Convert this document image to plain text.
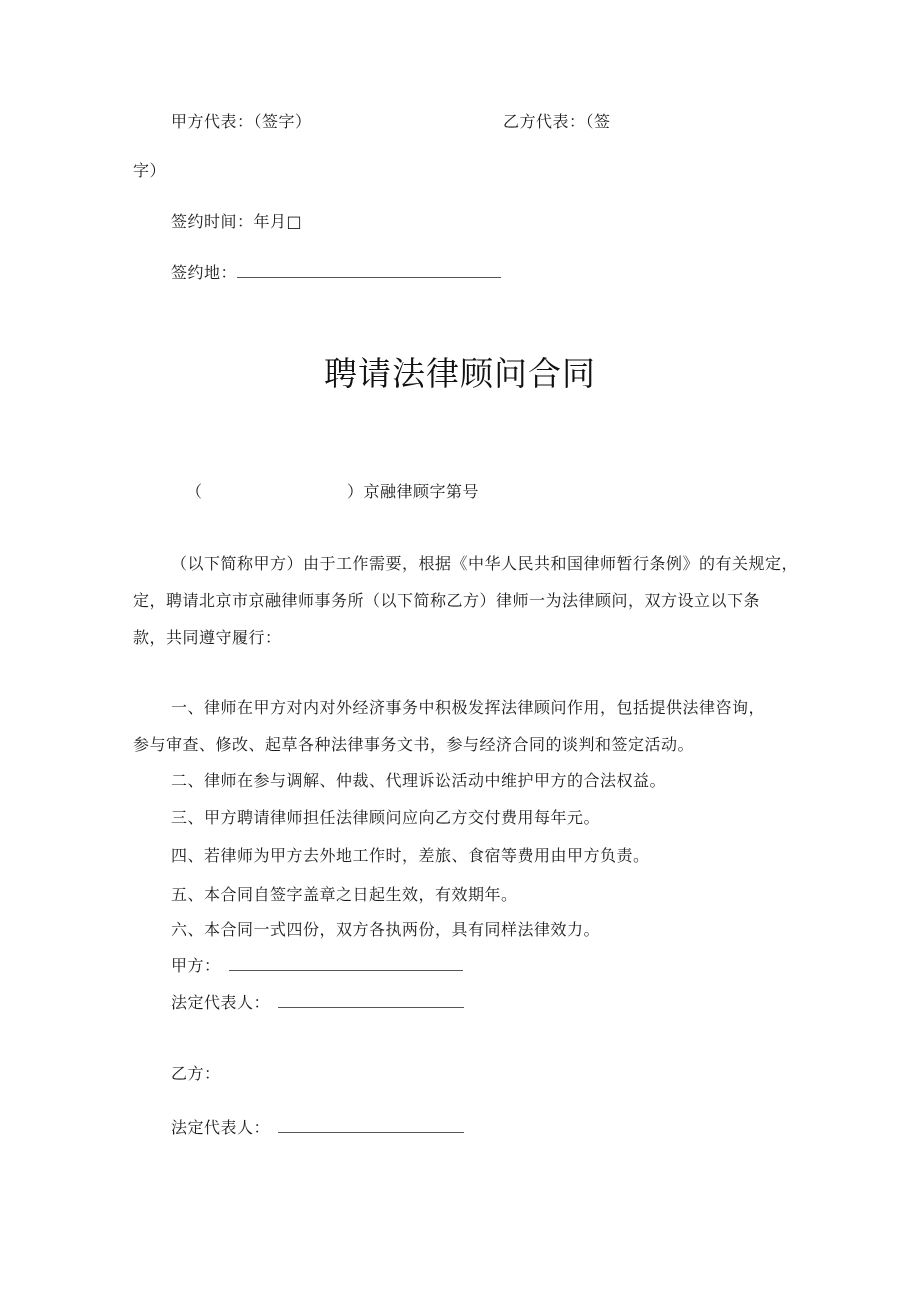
甲方代表：（签字）	乙方代表：（签
字）
签约时间：年月□
签约地：
聘请法律顾问合同
（	）京融律顾字第号
（以下简称甲方）由于工作需要，根据《中华人民共和国律师暂行条例》的有关规定，
定，聘请北京市京融律师事务所（以下简称乙方）律师一为法律顾问，双方设立以下条
款，共同遵守履行：
一、律师在甲方对内对外经济事务中积极发挥法律顾问作用，包括提供法律咨询，
参与审查、修改、起草各种法律事务文书，参与经济合同的谈判和签定活动。
二、律师在参与调解、仲裁、代理诉讼活动中维护甲方的合法权益。
三、甲方聘请律师担任法律顾问应向乙方交付费用每年元。
四、若律师为甲方去外地工作时，差旅、食宿等费用由甲方负责。
五、本合同自签字盖章之日起生效，有效期年。
六、本合同一式四份，双方各执两份，具有同样法律效力。
甲方：
法定代表人：
乙方：
法定代表人：
